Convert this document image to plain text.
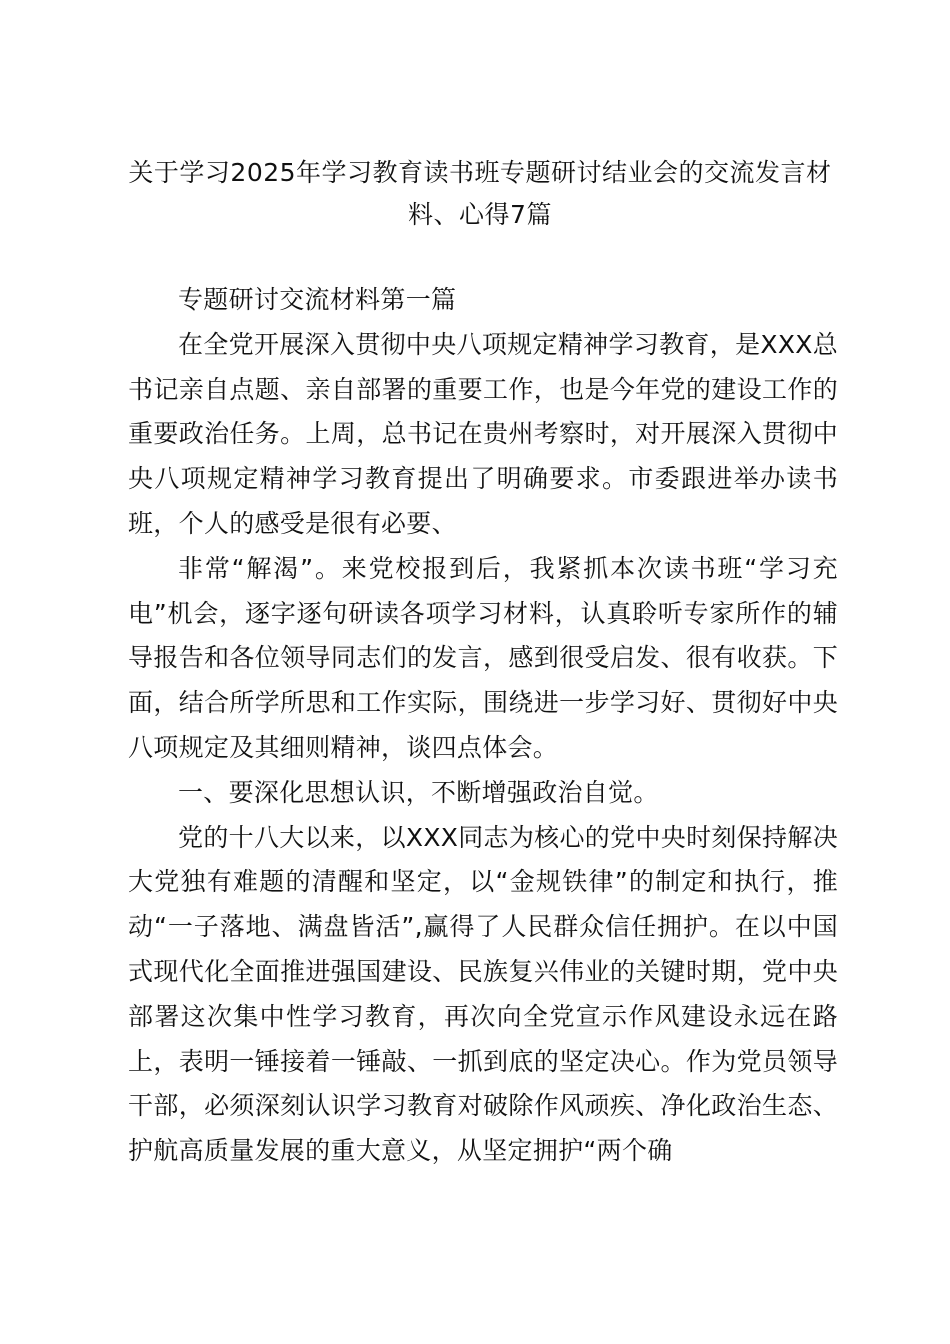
关于学习2025年学习教育读书班专题研讨结业会的交流发言材
料、心得7篇

专题研讨交流材料第一篇

在全党开展深入贯彻中央八项规定精神学习教育，是XXX总书记亲自点题、亲自部署的重要工作，也是今年党的建设工作的重要政治任务。上周，总书记在贵州考察时，对开展深入贯彻中央八项规定精神学习教育提出了明确要求。市委跟进举办读书班，个人的感受是很有必要、

非常“解渴”。来党校报到后，我紧抓本次读书班“学习充电”机会，逐字逐句研读各项学习材料，认真聆听专家所作的辅导报告和各位领导同志们的发言，感到很受启发、很有收获。下面，结合所学所思和工作实际，围绕进一步学习好、贯彻好中央八项规定及其细则精神，谈四点体会。

一、要深化思想认识，不断增强政治自觉。

党的十八大以来，以XXX同志为核心的党中央时刻保持解决大党独有难题的清醒和坚定，以“金规铁律”的制定和执行，推动“一子落地、满盘皆活”,赢得了人民群众信任拥护。在以中国式现代化全面推进强国建设、民族复兴伟业的关键时期，党中央部署这次集中性学习教育，再次向全党宣示作风建设永远在路上，表明一锤接着一锤敲、一抓到底的坚定决心。作为党员领导干部，必须深刻认识学习教育对破除作风顽疾、净化政治生态、护航高质量发展的重大意义，从坚定拥护“两个确
